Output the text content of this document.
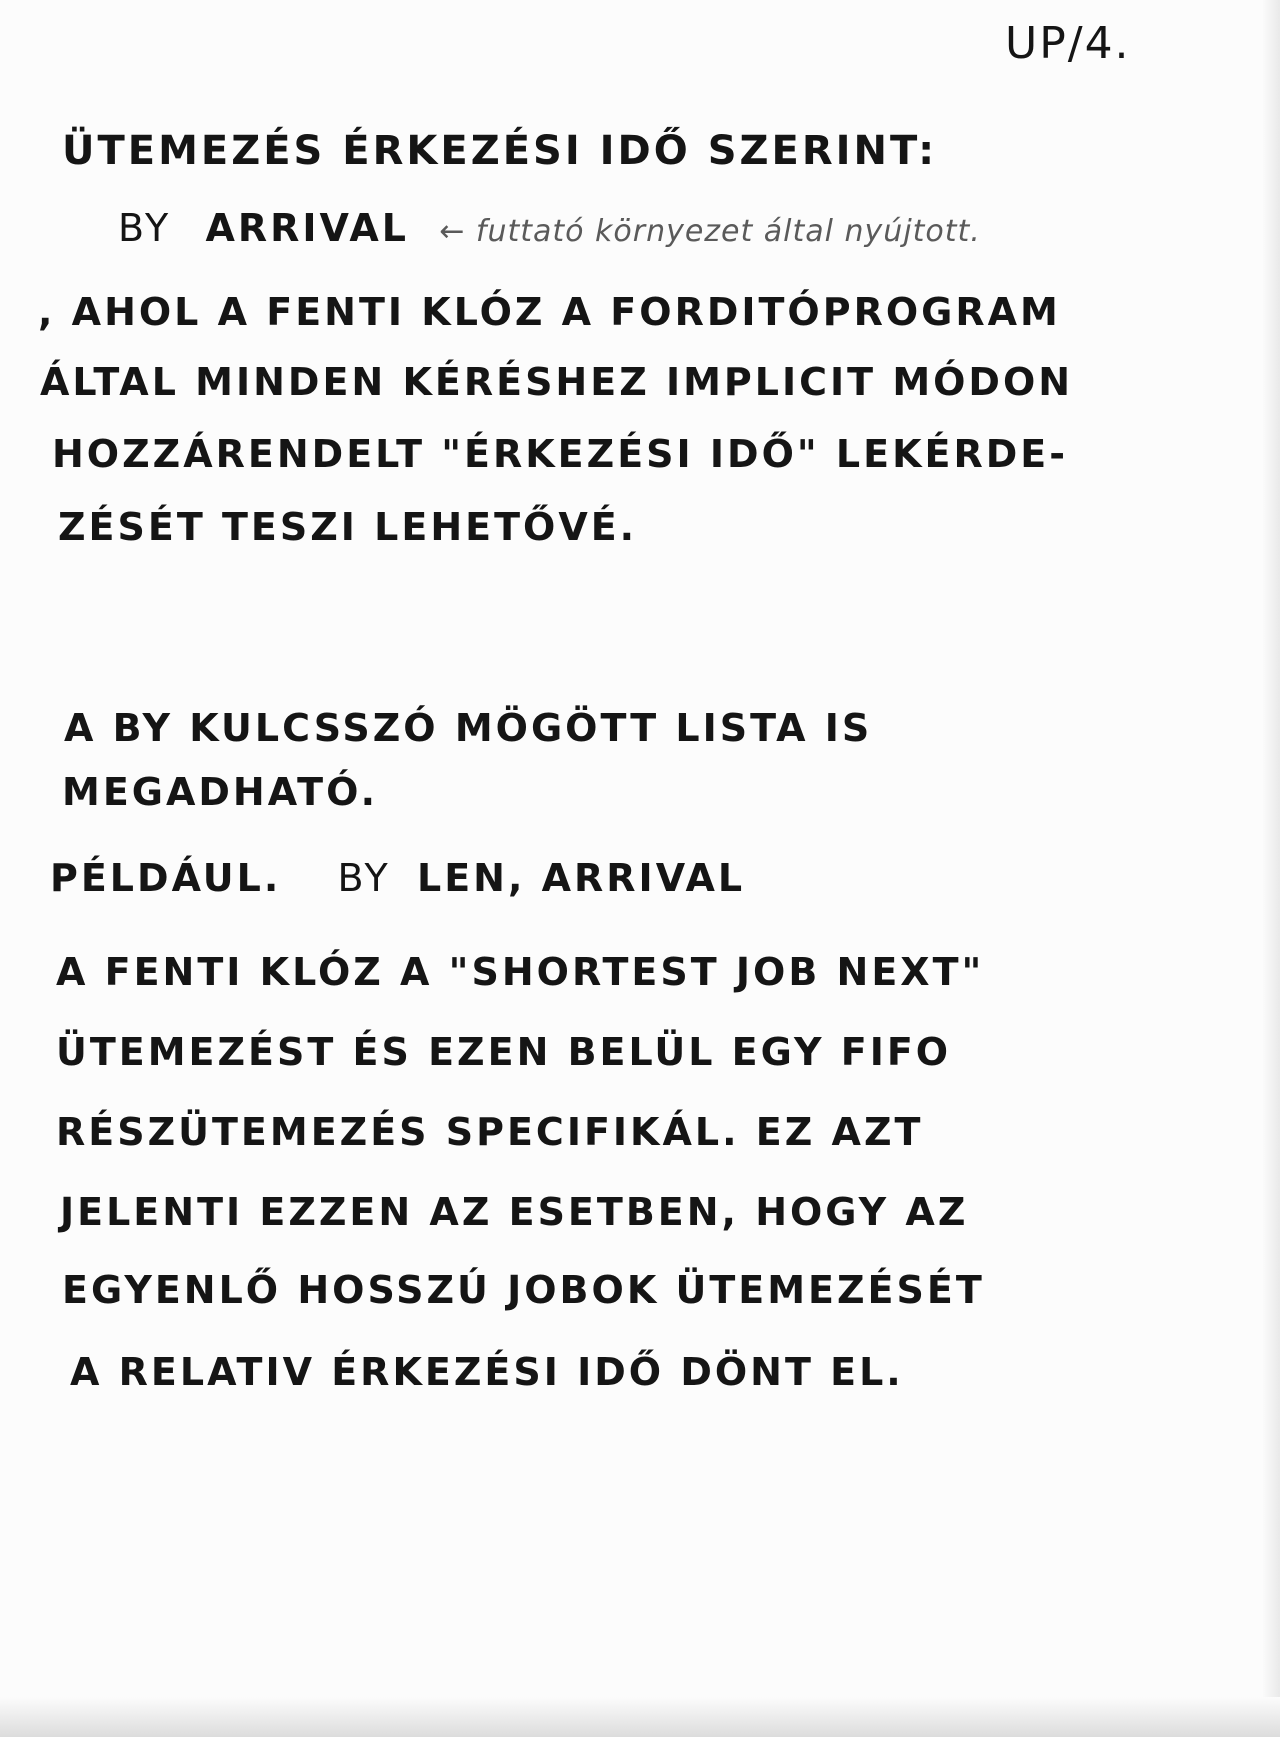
UP/4.
ÜTEMEZÉS ÉRKEZÉSI IDŐ SZERINT:
BY ARRIVAL ← futtató környezet által nyújtott.
, AHOL A FENTI KLÓZ A FORDITÓPROGRAM
ÁLTAL MINDEN KÉRÉSHEZ IMPLICIT MÓDON
HOZZÁRENDELT "ÉRKEZÉSI IDŐ" LEKÉRDE-
ZÉSÉT TESZI LEHETŐVÉ.
A BY KULCSSZÓ MÖGÖTT LISTA IS
MEGADHATÓ.
PÉLDÁUL. BY LEN, ARRIVAL
A FENTI KLÓZ A "SHORTEST JOB NEXT"
ÜTEMEZÉST ÉS EZEN BELÜL EGY FIFO
RÉSZÜTEMEZÉS SPECIFIKÁL. EZ AZT
JELENTI EZZEN AZ ESETBEN, HOGY AZ
EGYENLŐ HOSSZÚ JOBOK ÜTEMEZÉSÉT
A RELATIV ÉRKEZÉSI IDŐ DÖNT EL.
